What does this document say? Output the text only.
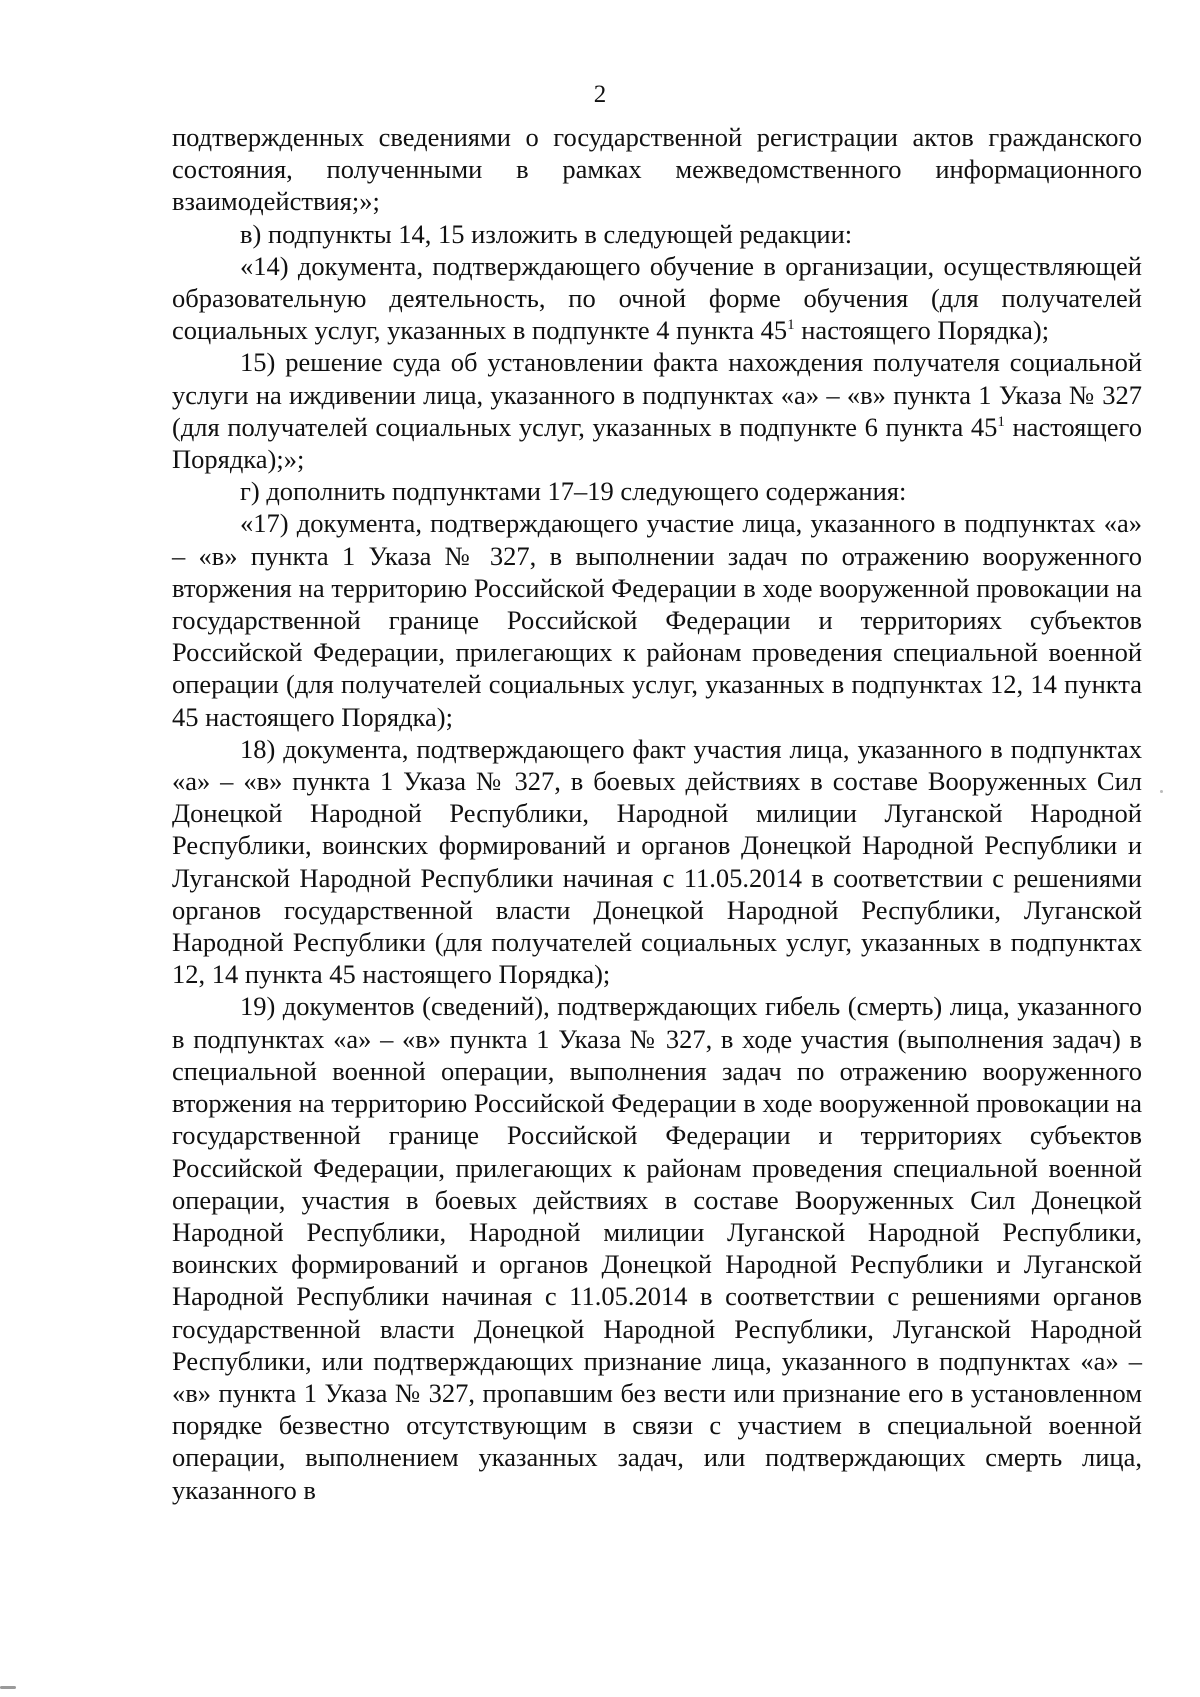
2

подтвержденных сведениями о государственной регистрации актов гражданского состояния, полученными в рамках межведомственного информационного взаимодействия;»;

в) подпункты 14, 15 изложить в следующей редакции:

«14) документа, подтверждающего обучение в организации, осуществляющей образовательную деятельность, по очной форме обучения (для получателей социальных услуг, указанных в подпункте 4 пункта $45^1$ настоящего Порядка);

15) решение суда об установлении факта нахождения получателя социальной услуги на иждивении лица, указанного в подпунктах «а» – «в» пункта 1 Указа № 327 (для получателей социальных услуг, указанных в подпункте 6 пункта $45^1$ настоящего Порядка);»;

г) дополнить подпунктами 17–19 следующего содержания:

«17) документа, подтверждающего участие лица, указанного в подпунктах «а» – «в» пункта 1 Указа № 327, в выполнении задач по отражению вооруженного вторжения на территорию Российской Федерации в ходе вооруженной провокации на государственной границе Российской Федерации и территориях субъектов Российской Федерации, прилегающих к районам проведения специальной военной операции (для получателей социальных услуг, указанных в подпунктах 12, 14 пункта 45 настоящего Порядка);

18) документа, подтверждающего факт участия лица, указанного в подпунктах «а» – «в» пункта 1 Указа № 327, в боевых действиях в составе Вооруженных Сил Донецкой Народной Республики, Народной милиции Луганской Народной Республики, воинских формирований и органов Донецкой Народной Республики и Луганской Народной Республики начиная с 11.05.2014 в соответствии с решениями органов государственной власти Донецкой Народной Республики, Луганской Народной Республики (для получателей социальных услуг, указанных в подпунктах 12, 14 пункта 45 настоящего Порядка);

19) документов (сведений), подтверждающих гибель (смерть) лица, указанного в подпунктах «а» – «в» пункта 1 Указа № 327, в ходе участия (выполнения задач) в специальной военной операции, выполнения задач по отражению вооруженного вторжения на территорию Российской Федерации в ходе вооруженной провокации на государственной границе Российской Федерации и территориях субъектов Российской Федерации, прилегающих к районам проведения специальной военной операции, участия в боевых действиях в составе Вооруженных Сил Донецкой Народной Республики, Народной милиции Луганской Народной Республики, воинских формирований и органов Донецкой Народной Республики и Луганской Народной Республики начиная с 11.05.2014 в соответствии с решениями органов государственной власти Донецкой Народной Республики, Луганской Народной Республики, или подтверждающих признание лица, указанного в подпунктах «а» – «в» пункта 1 Указа № 327, пропавшим без вести или признание его в установленном порядке безвестно отсутствующим в связи с участием в специальной военной операции, выполнением указанных задач, или подтверждающих смерть лица, указанного в
